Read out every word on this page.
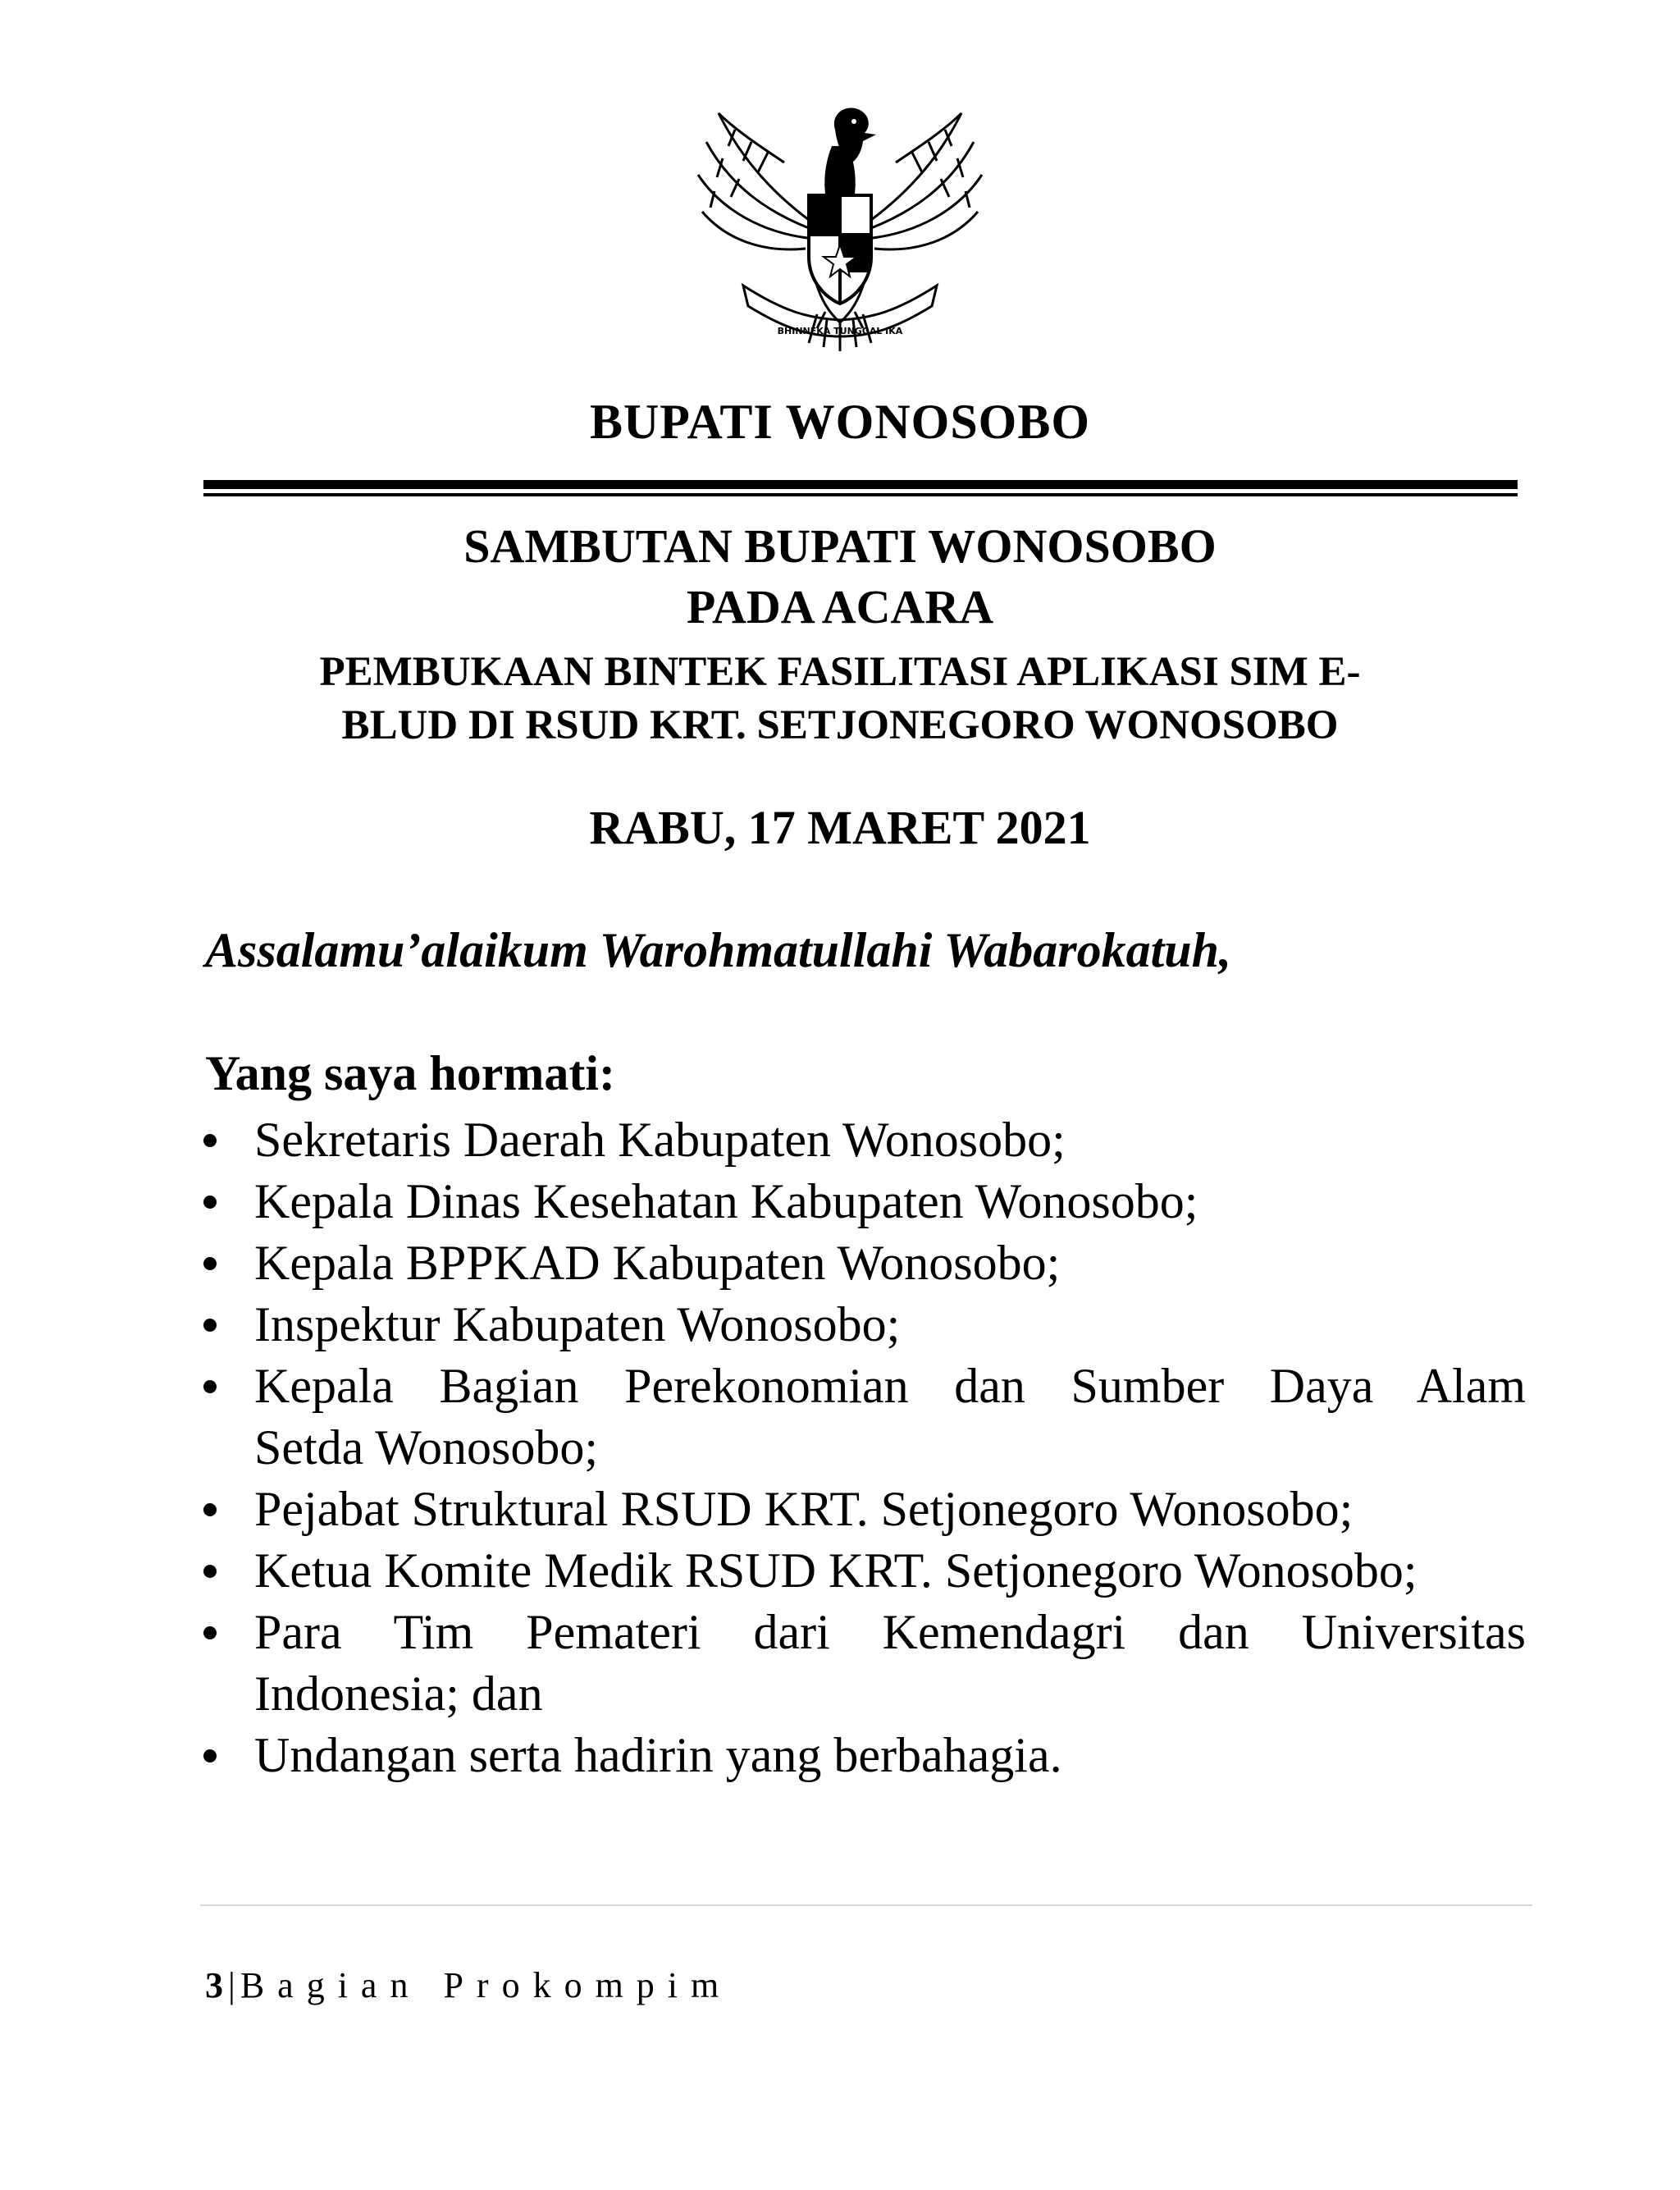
BHINNEKA TUNGGAL IKA
BUPATI WONOSOBO
SAMBUTAN BUPATI WONOSOBO
PADA ACARA
PEMBUKAAN BINTEK FASILITASI APLIKASI SIM E-
BLUD DI RSUD KRT. SETJONEGORO WONOSOBO
RABU, 17 MARET 2021
Assalamu’alaikum Warohmatullahi Wabarokatuh,
Yang saya hormati:
Sekretaris Daerah Kabupaten Wonosobo;
Kepala Dinas Kesehatan Kabupaten Wonosobo;
Kepala BPPKAD Kabupaten Wonosobo;
Inspektur Kabupaten Wonosobo;
Kepala Bagian Perekonomian dan Sumber Daya Alam
Setda Wonosobo;
Pejabat Struktural RSUD KRT. Setjonegoro Wonosobo;
Ketua Komite Medik RSUD KRT. Setjonegoro Wonosobo;
Para Tim Pemateri dari Kemendagri dan Universitas
Indonesia; dan
Undangan serta hadirin yang berbahagia.
3 | Bagian Prokompim
